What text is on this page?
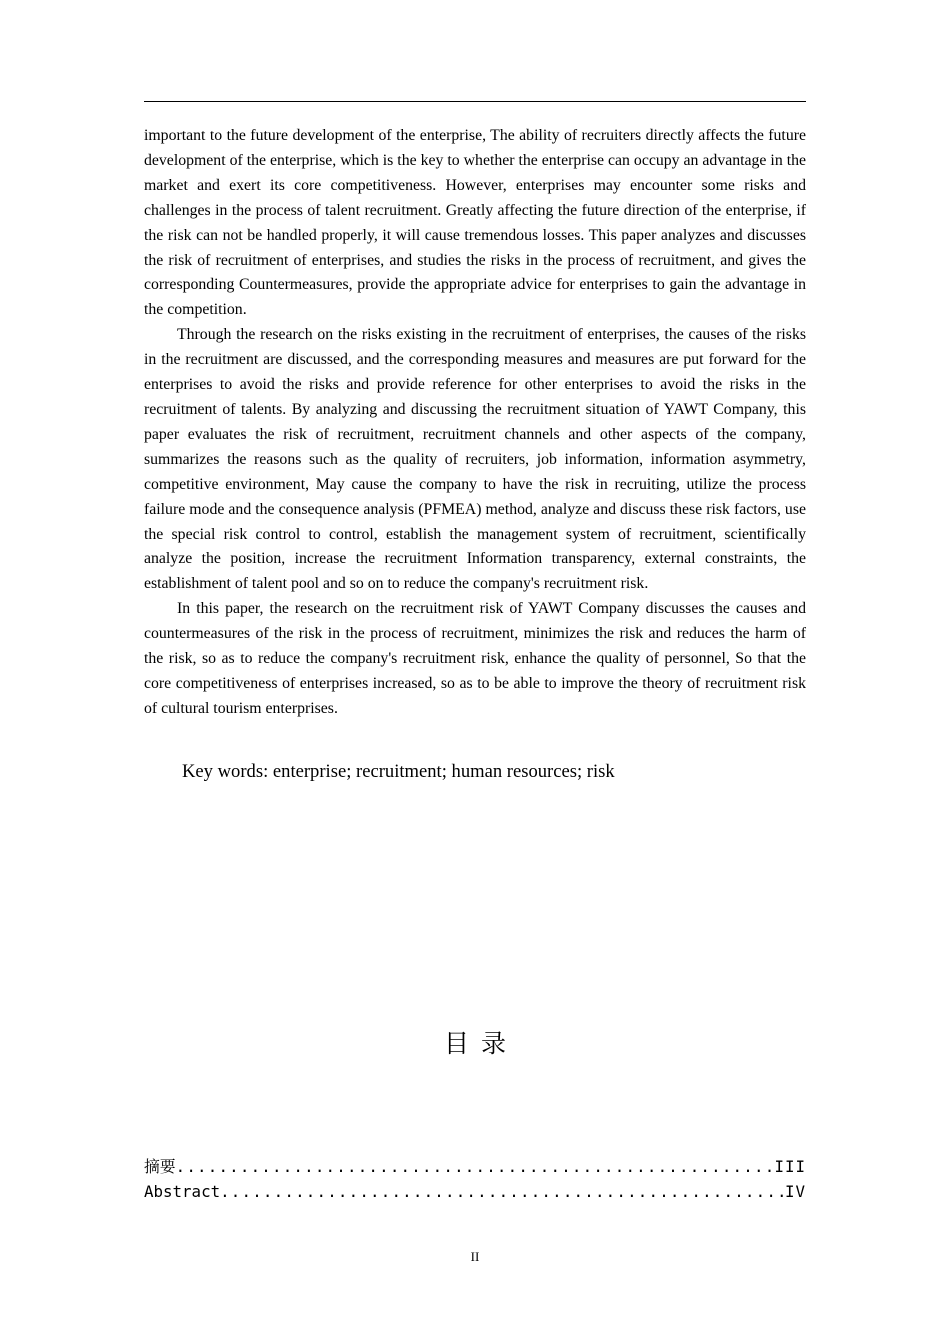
important to the future development of the enterprise, The ability of recruiters directly affects the future development of the enterprise, which is the key to whether the enterprise can occupy an advantage in the market and exert its core competitiveness. However, enterprises may encounter some risks and challenges in the process of talent recruitment. Greatly affecting the future direction of the enterprise, if the risk can not be handled properly, it will cause tremendous losses. This paper analyzes and discusses the risk of recruitment of enterprises, and studies the risks in the process of recruitment, and gives the corresponding Countermeasures, provide the appropriate advice for enterprises to gain the advantage in the competition.

Through the research on the risks existing in the recruitment of enterprises, the causes of the risks in the recruitment are discussed, and the corresponding measures and measures are put forward for the enterprises to avoid the risks and provide reference for other enterprises to avoid the risks in the recruitment of talents. By analyzing and discussing the recruitment situation of YAWT Company, this paper evaluates the risk of recruitment, recruitment channels and other aspects of the company, summarizes the reasons such as the quality of recruiters, job information, information asymmetry, competitive environment, May cause the company to have the risk in recruiting, utilize the process failure mode and the consequence analysis (PFMEA) method, analyze and discuss these risk factors, use the special risk control to control, establish the management system of recruitment, scientifically analyze the position, increase the recruitment Information transparency, external constraints, the establishment of talent pool and so on to reduce the company's recruitment risk.

In this paper, the research on the recruitment risk of YAWT Company discusses the causes and countermeasures of the risk in the process of recruitment, minimizes the risk and reduces the harm of the risk, so as to reduce the company's recruitment risk, enhance the quality of personnel, So that the core competitiveness of enterprises increased, so as to be able to improve the theory of recruitment risk of cultural tourism enterprises.

Key words: enterprise; recruitment; human resources; risk
目录
摘要 .....	III
Abstract .....	IV
II
